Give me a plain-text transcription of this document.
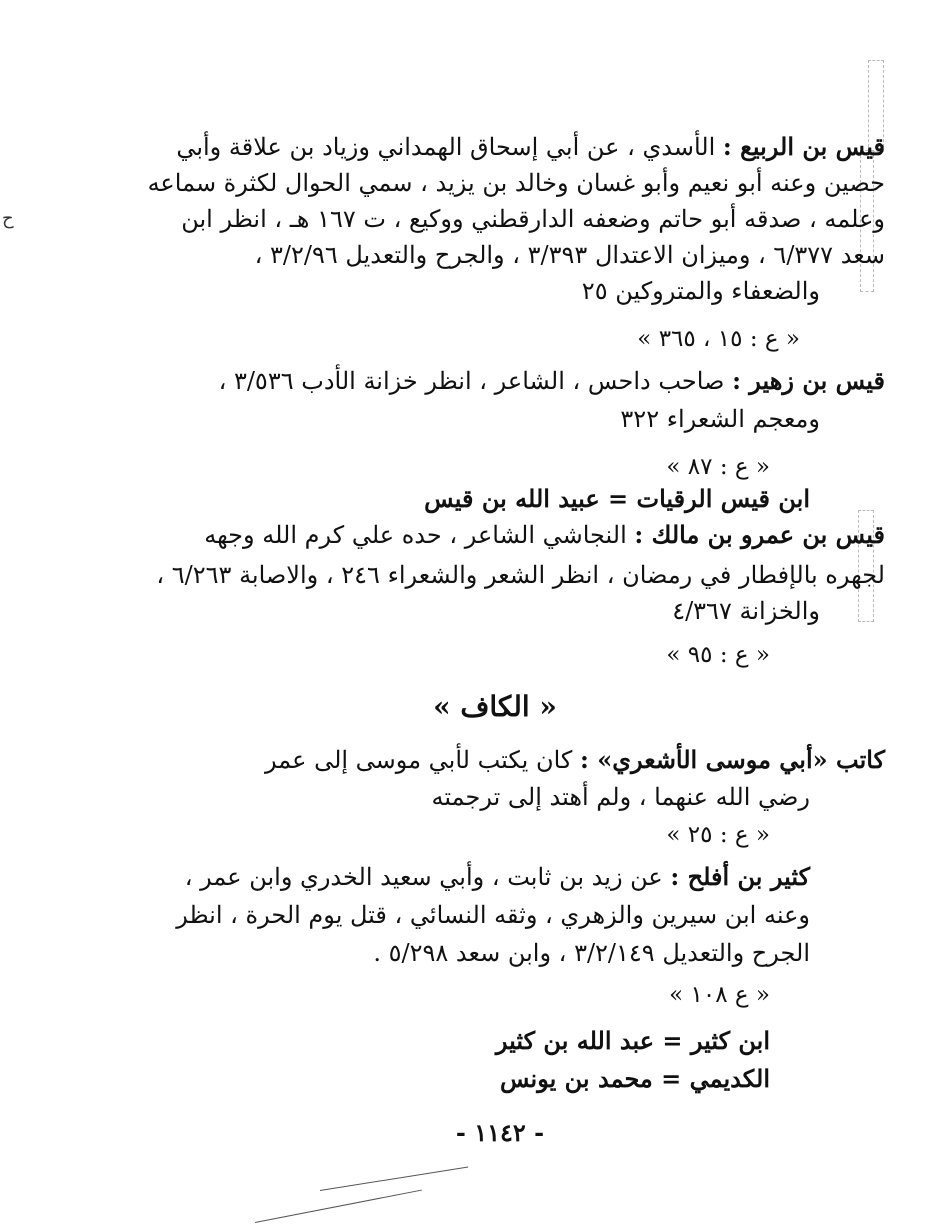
ح
قيس بن الربيع : الأسدي ، عن أبي إسحاق الهمداني وزياد بن علاقة وأبي
حصين وعنه أبو نعيم وأبو غسان وخالد بن يزيد ، سمي الحوال لكثرة سماعه
وعلمه ، صدقه أبو حاتم وضعفه الدارقطني ووكيع ، ت ١٦٧ هـ ، انظر ابن
سعد ٦/٣٧٧ ، وميزان الاعتدال ٣/٣٩٣ ، والجرح والتعديل ٣/٢/٩٦ ،
والضعفاء والمتروكين ٢٥
« ع : ١٥ ، ٣٦٥ »
قيس بن زهير : صاحب داحس ، الشاعر ، انظر خزانة الأدب ٣/٥٣٦ ،
ومعجم الشعراء ٣٢٢
« ع : ٨٧ »
ابن قيس الرقيات = عبيد الله بن قيس
قيس بن عمرو بن مالك : النجاشي الشاعر ، حده علي كرم الله وجهه
لجهره بالإفطار في رمضان ، انظر الشعر والشعراء ٢٤٦ ، والاصابة ٦/٢٦٣ ،
والخزانة ٤/٣٦٧
« ع : ٩٥ »
« الكاف »
كاتب «أبي موسى الأشعري» : كان يكتب لأبي موسى إلى عمر
رضي الله عنهما ، ولم أهتد إلى ترجمته
« ع : ٢٥ »
كثير بن أفلح : عن زيد بن ثابت ، وأبي سعيد الخدري وابن عمر ،
وعنه ابن سيرين والزهري ، وثقه النسائي ، قتل يوم الحرة ، انظر
الجرح والتعديل ٣/٢/١٤٩ ، وابن سعد ٥/٢٩٨ .
« ع ١٠٨ »
ابن كثير = عبد الله بن كثير
الكديمي = محمد بن يونس
- ١١٤٢ -
